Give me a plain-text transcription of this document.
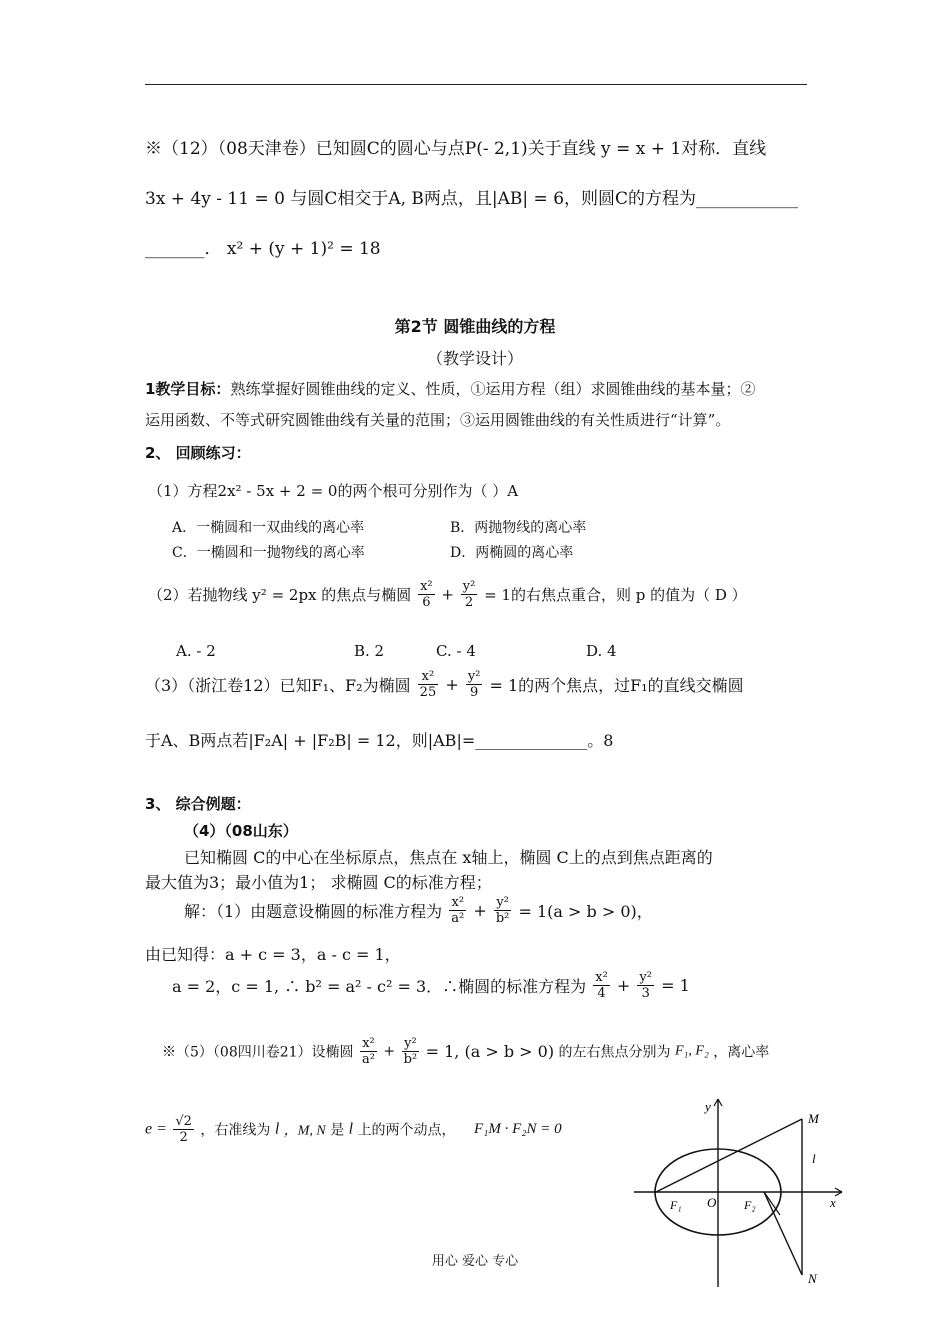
※（12）（08天津卷）已知圆C的圆心与点P(- 2,1)关于直线 y = x + 1对称．直线
3x + 4y - 11 = 0 与圆C相交于A, B两点，且|AB| = 6，则圆C的方程为____________
_______． x² + (y + 1)² = 18
第2节 圆锥曲线的方程
（教学设计）
1教学目标：熟练掌握好圆锥曲线的定义、性质，①运用方程（组）求圆锥曲线的基本量；②
运用函数、不等式研究圆锥曲线有关量的范围；③运用圆锥曲线的有关性质进行“计算”。
2、 回顾练习：
（1）方程2x² - 5x + 2 = 0的两个根可分别作为（ ）A
A．一椭圆和一双曲线的离心率	B．两抛物线的离心率
C．一椭圆和一抛物线的离心率	D．两椭圆的离心率
（2）若抛物线 y² = 2px 的焦点与椭圆 $\frac{\text{x²}}{6} + \frac{\text{y²}}{2} = 1$的右焦点重合，则 p 的值为（ D ）
A. - 2	B. 2	C. - 4	D. 4
（3）（浙江卷12）已知F₁、F₂为椭圆 $\frac{\text{x²}}{25} + \frac{\text{y²}}{9} = 1$的两个焦点，过F₁的直线交椭圆
于A、B两点若|F₂A| + |F₂B| = 12，则|AB|=______________。8
3、 综合例题：
（4）（08山东）
已知椭圆 C的中心在坐标原点，焦点在 x轴上，椭圆 C上的点到焦点距离的
最大值为3；最小值为1； 求椭圆 C的标准方程；
解：（1）由题意设椭圆的标准方程为 $\frac{\text{x²}}{\text{a²}} + \frac{\text{y²}}{\text{b²}} = 1(a > b > 0)$，
由已知得：a + c = 3，a - c = 1，
a = 2，c = 1, ∴ b² = a² - c² = 3．∴椭圆的标准方程为 $\frac{\text{x²}}{4} + \frac{\text{y²}}{3} = 1$
※（5）（08四川卷21）设椭圆 $\frac{\text{x²}}{\text{a²}} + \frac{\text{y²}}{\text{b²}} = 1$, (a > b > 0) 的左右焦点分别为 F₁, F₂ ，离心率
$e = \frac{√2}{2}$ ，右准线为 l ，M, N 是 l 上的两个动点， F₁M · F₂N = 0
y
x
M
N
l
O
F₁	F₂
用心 爱心 专心
